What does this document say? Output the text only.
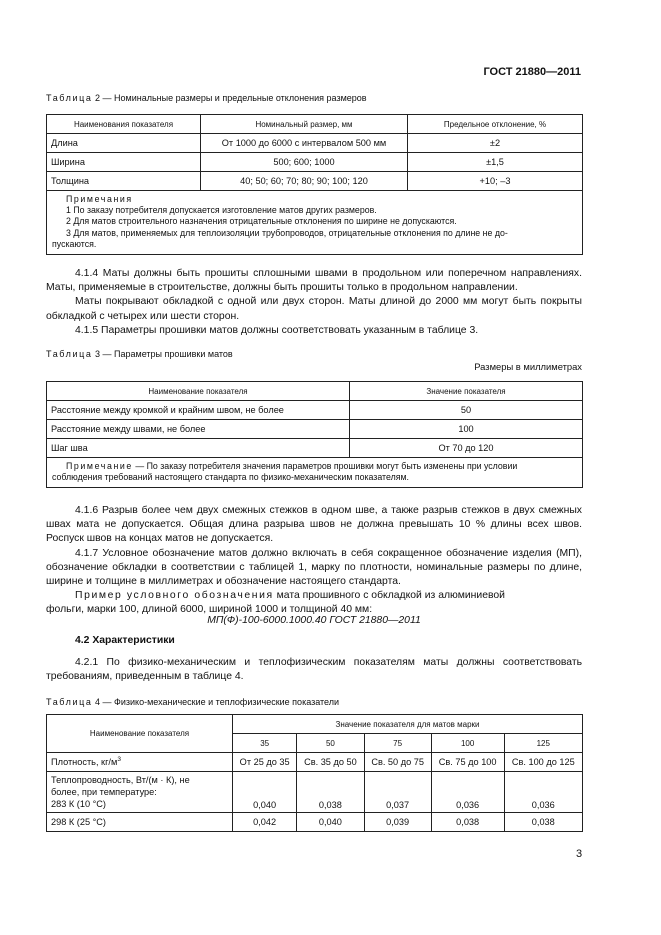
ГОСТ 21880—2011
Таблица 2 — Номинальные размеры и предельные отклонения размеров
Наименования показателя	Номинальный размер, мм	Предельное отклонение, %
Длина	От 1000 до 6000 с интервалом 500 мм	±2
Ширина	500; 600; 1000	±1,5
Толщина	40; 50; 60; 70; 80; 90; 100; 120	+10; –3

Примечания
1 По заказу потребителя допускается изготовление матов других размеров.
2 Для матов строительного назначения отрицательные отклонения по ширине не допускаются.
3 Для матов, применяемых для теплоизоляции трубопроводов, отрицательные отклонения по длине не до-
пускаются.		

4.1.4 Маты должны быть прошиты сплошными швами в продольном или поперечном направлениях. Маты, применяемые в строительстве, должны быть прошиты только в продольном направлении.

Маты покрывают обкладкой с одной или двух сторон. Маты длиной до 2000 мм могут быть покрыты обкладкой с четырех или шести сторон.

4.1.5 Параметры прошивки матов должны соответствовать указанным в таблице 3.

Таблица 3 — Параметры прошивки матов
Размеры в миллиметрах
Наименование показателя	Значение показателя
Расстояние между кромкой и крайним швом, не более	50
Расстояние между швами, не более	100
Шаг шва	От 70 до 120

Примечание — По заказу потребителя значения параметров прошивки могут быть изменены при условии
соблюдения требований настоящего стандарта по физико-механическим показателям.	

4.1.6 Разрыв более чем двух смежных стежков в одном шве, а также разрыв стежков в двух смежных швах мата не допускается. Общая длина разрыва швов не должна превышать 10 % длины всех швов. Роспуск швов на концах матов не допускается.

4.1.7 Условное обозначение матов должно включать в себя сокращенное обозначение изделия (МП), обозначение обкладки в соответствии с таблицей 1, марку по плотности, номинальные размеры по длине, ширине и толщине в миллиметрах и обозначение настоящего стандарта.

Пример условного обозначения мата прошивного с обкладкой из алюминиевой

фольги, марки 100, длиной 6000, шириной 1000 и толщиной 40 мм:

МП(Ф)-100-6000.1000.40 ГОСТ 21880—2011
4.2 Характеристики

4.2.1 По физико-механическим и теплофизическим показателям маты должны соответствовать требованиям, приведенным в таблице 4.

Таблица 4 — Физико-механические и теплофизические показатели
Наименование показателя	Значение показателя для матов марки				
	35	50	75	100	125
Плотность, $кг/м^3$	От 25 до 35	Св. 35 до 50	Св. 50 до 75	Св. 75 до 100	Св. 100 до 125

Теплопроводность, Вт/(м · К), не
более, при температуре:
283 К (10 °С)	0,040	0,038	0,037	0,036	0,036
298 К (25 °С)	0,042	0,040	0,039	0,038	0,038
3
